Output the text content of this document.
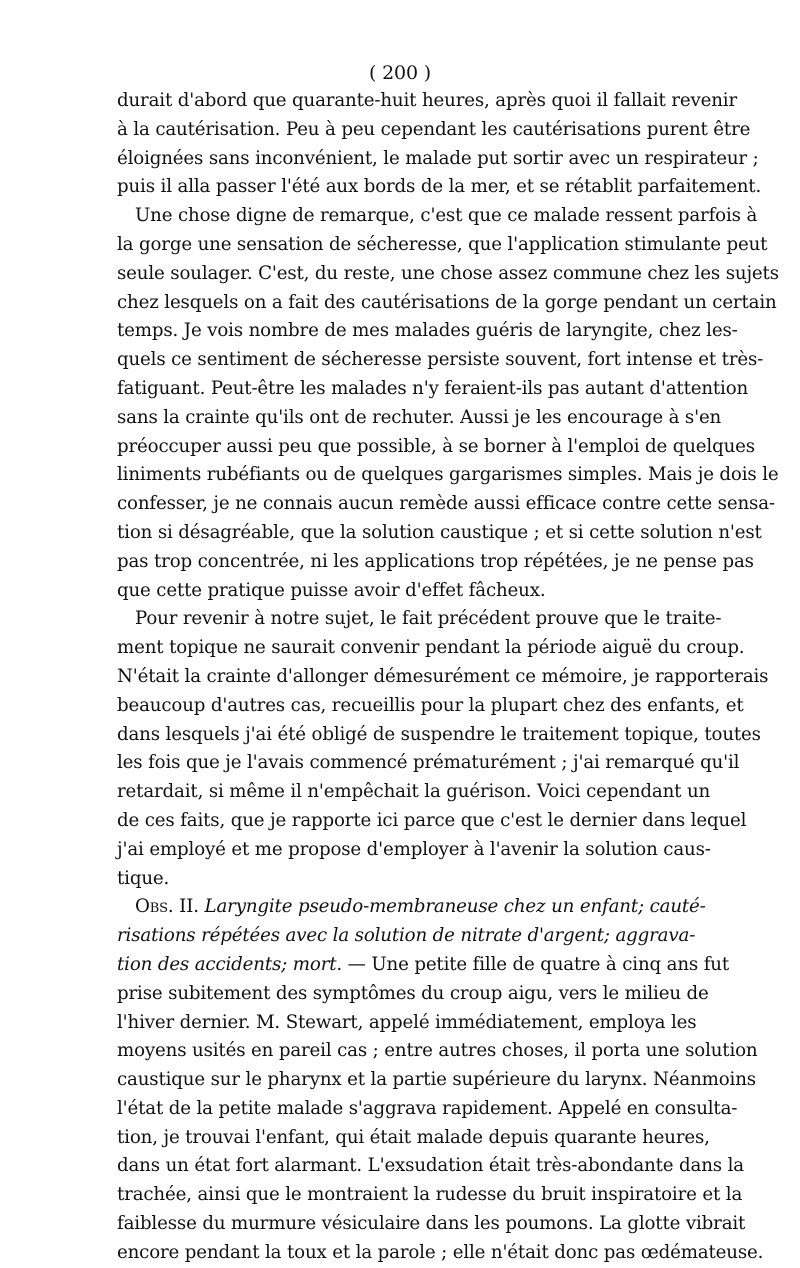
( 200 )
durait d'abord que quarante-huit heures, après quoi il fallait revenir
à la cautérisation. Peu à peu cependant les cautérisations purent être
éloignées sans inconvénient, le malade put sortir avec un respirateur ;
puis il alla passer l'été aux bords de la mer, et se rétablit parfaitement.
Une chose digne de remarque, c'est que ce malade ressent parfois à
la gorge une sensation de sécheresse, que l'application stimulante peut
seule soulager. C'est, du reste, une chose assez commune chez les sujets
chez lesquels on a fait des cautérisations de la gorge pendant un certain
temps. Je vois nombre de mes malades guéris de laryngite, chez les-
quels ce sentiment de sécheresse persiste souvent, fort intense et très-
fatiguant. Peut-être les malades n'y feraient-ils pas autant d'attention
sans la crainte qu'ils ont de rechuter. Aussi je les encourage à s'en
préoccuper aussi peu que possible, à se borner à l'emploi de quelques
liniments rubéfiants ou de quelques gargarismes simples. Mais je dois le
confesser, je ne connais aucun remède aussi efficace contre cette sensa-
tion si désagréable, que la solution caustique ; et si cette solution n'est
pas trop concentrée, ni les applications trop répétées, je ne pense pas
que cette pratique puisse avoir d'effet fâcheux.
Pour revenir à notre sujet, le fait précédent prouve que le traite-
ment topique ne saurait convenir pendant la période aiguë du croup.
N'était la crainte d'allonger démesurément ce mémoire, je rapporterais
beaucoup d'autres cas, recueillis pour la plupart chez des enfants, et
dans lesquels j'ai été obligé de suspendre le traitement topique, toutes
les fois que je l'avais commencé prématurément ; j'ai remarqué qu'il
retardait, si même il n'empêchait la guérison. Voici cependant un
de ces faits, que je rapporte ici parce que c'est le dernier dans lequel
j'ai employé et me propose d'employer à l'avenir la solution caus-
tique.
Obs. II. Laryngite pseudo-membraneuse chez un enfant; cauté-
risations répétées avec la solution de nitrate d'argent; aggrava-
tion des accidents; mort. — Une petite fille de quatre à cinq ans fut
prise subitement des symptômes du croup aigu, vers le milieu de
l'hiver dernier. M. Stewart, appelé immédiatement, employa les
moyens usités en pareil cas ; entre autres choses, il porta une solution
caustique sur le pharynx et la partie supérieure du larynx. Néanmoins
l'état de la petite malade s'aggrava rapidement. Appelé en consulta-
tion, je trouvai l'enfant, qui était malade depuis quarante heures,
dans un état fort alarmant. L'exsudation était très-abondante dans la
trachée, ainsi que le montraient la rudesse du bruit inspiratoire et la
faiblesse du murmure vésiculaire dans les poumons. La glotte vibrait
encore pendant la toux et la parole ; elle n'était donc pas œdémateuse.
